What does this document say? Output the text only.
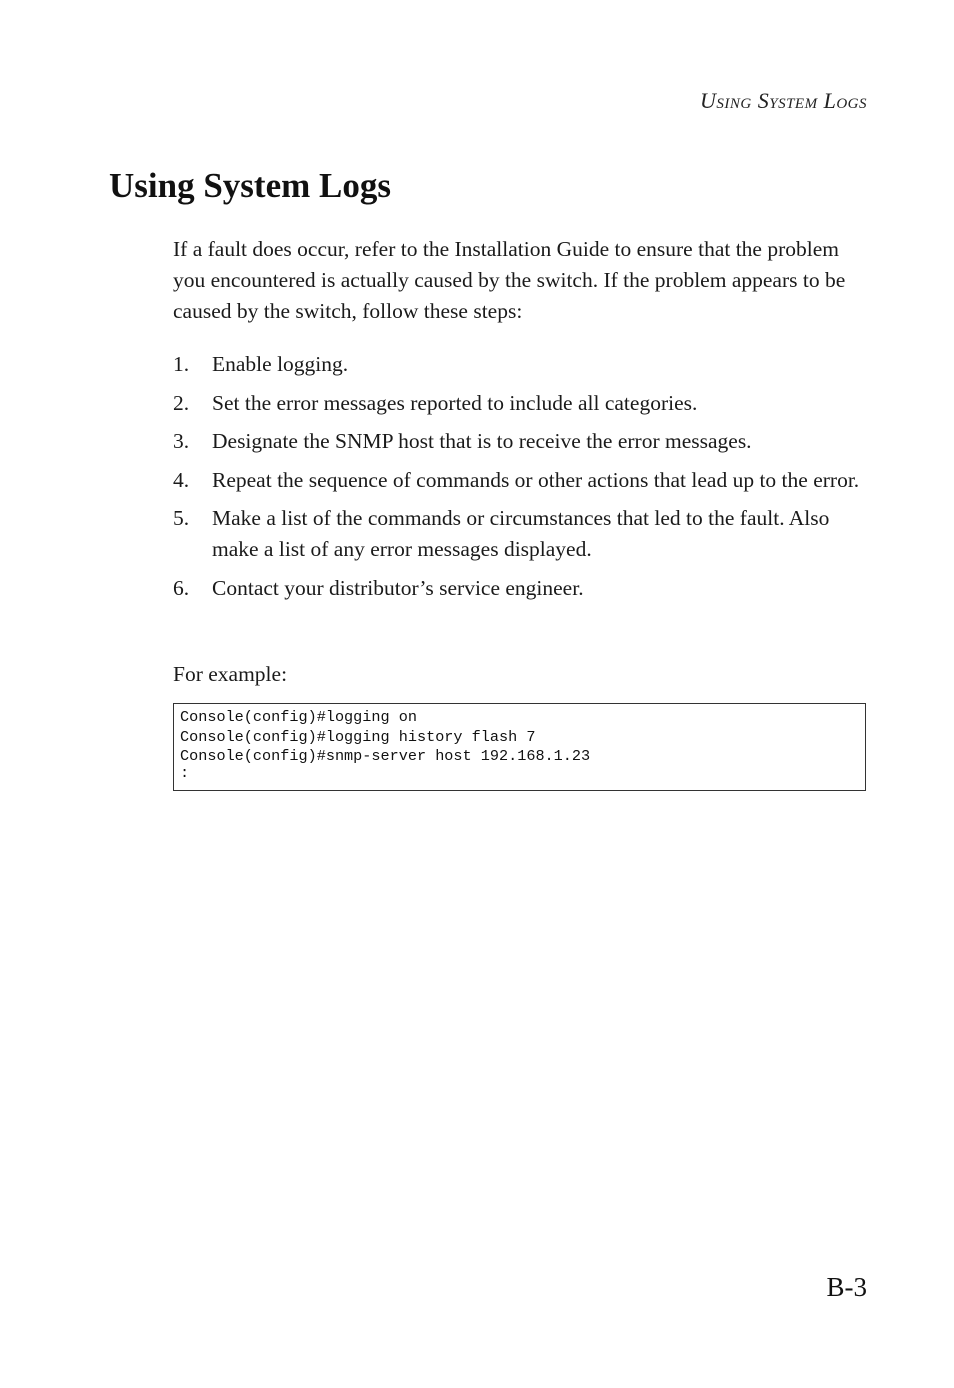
Using System Logs
Using System Logs

If a fault does occur, refer to the Installation Guide to ensure that the problem you encountered is actually caused by the switch. If the problem appears to be caused by the switch, follow these steps:

1.	Enable logging.
2.	Set the error messages reported to include all categories.
3.	Designate the SNMP host that is to receive the error messages.
4.	Repeat the sequence of commands or other actions that lead up to the error.
5.	Make a list of the commands or circumstances that led to the fault. Also make a list of any error messages displayed.
6.	Contact your distributor’s service engineer.

For example:

Console(config)#logging on
Console(config)#logging history flash 7
Console(config)#snmp-server host 192.168.1.23
:
B-3
